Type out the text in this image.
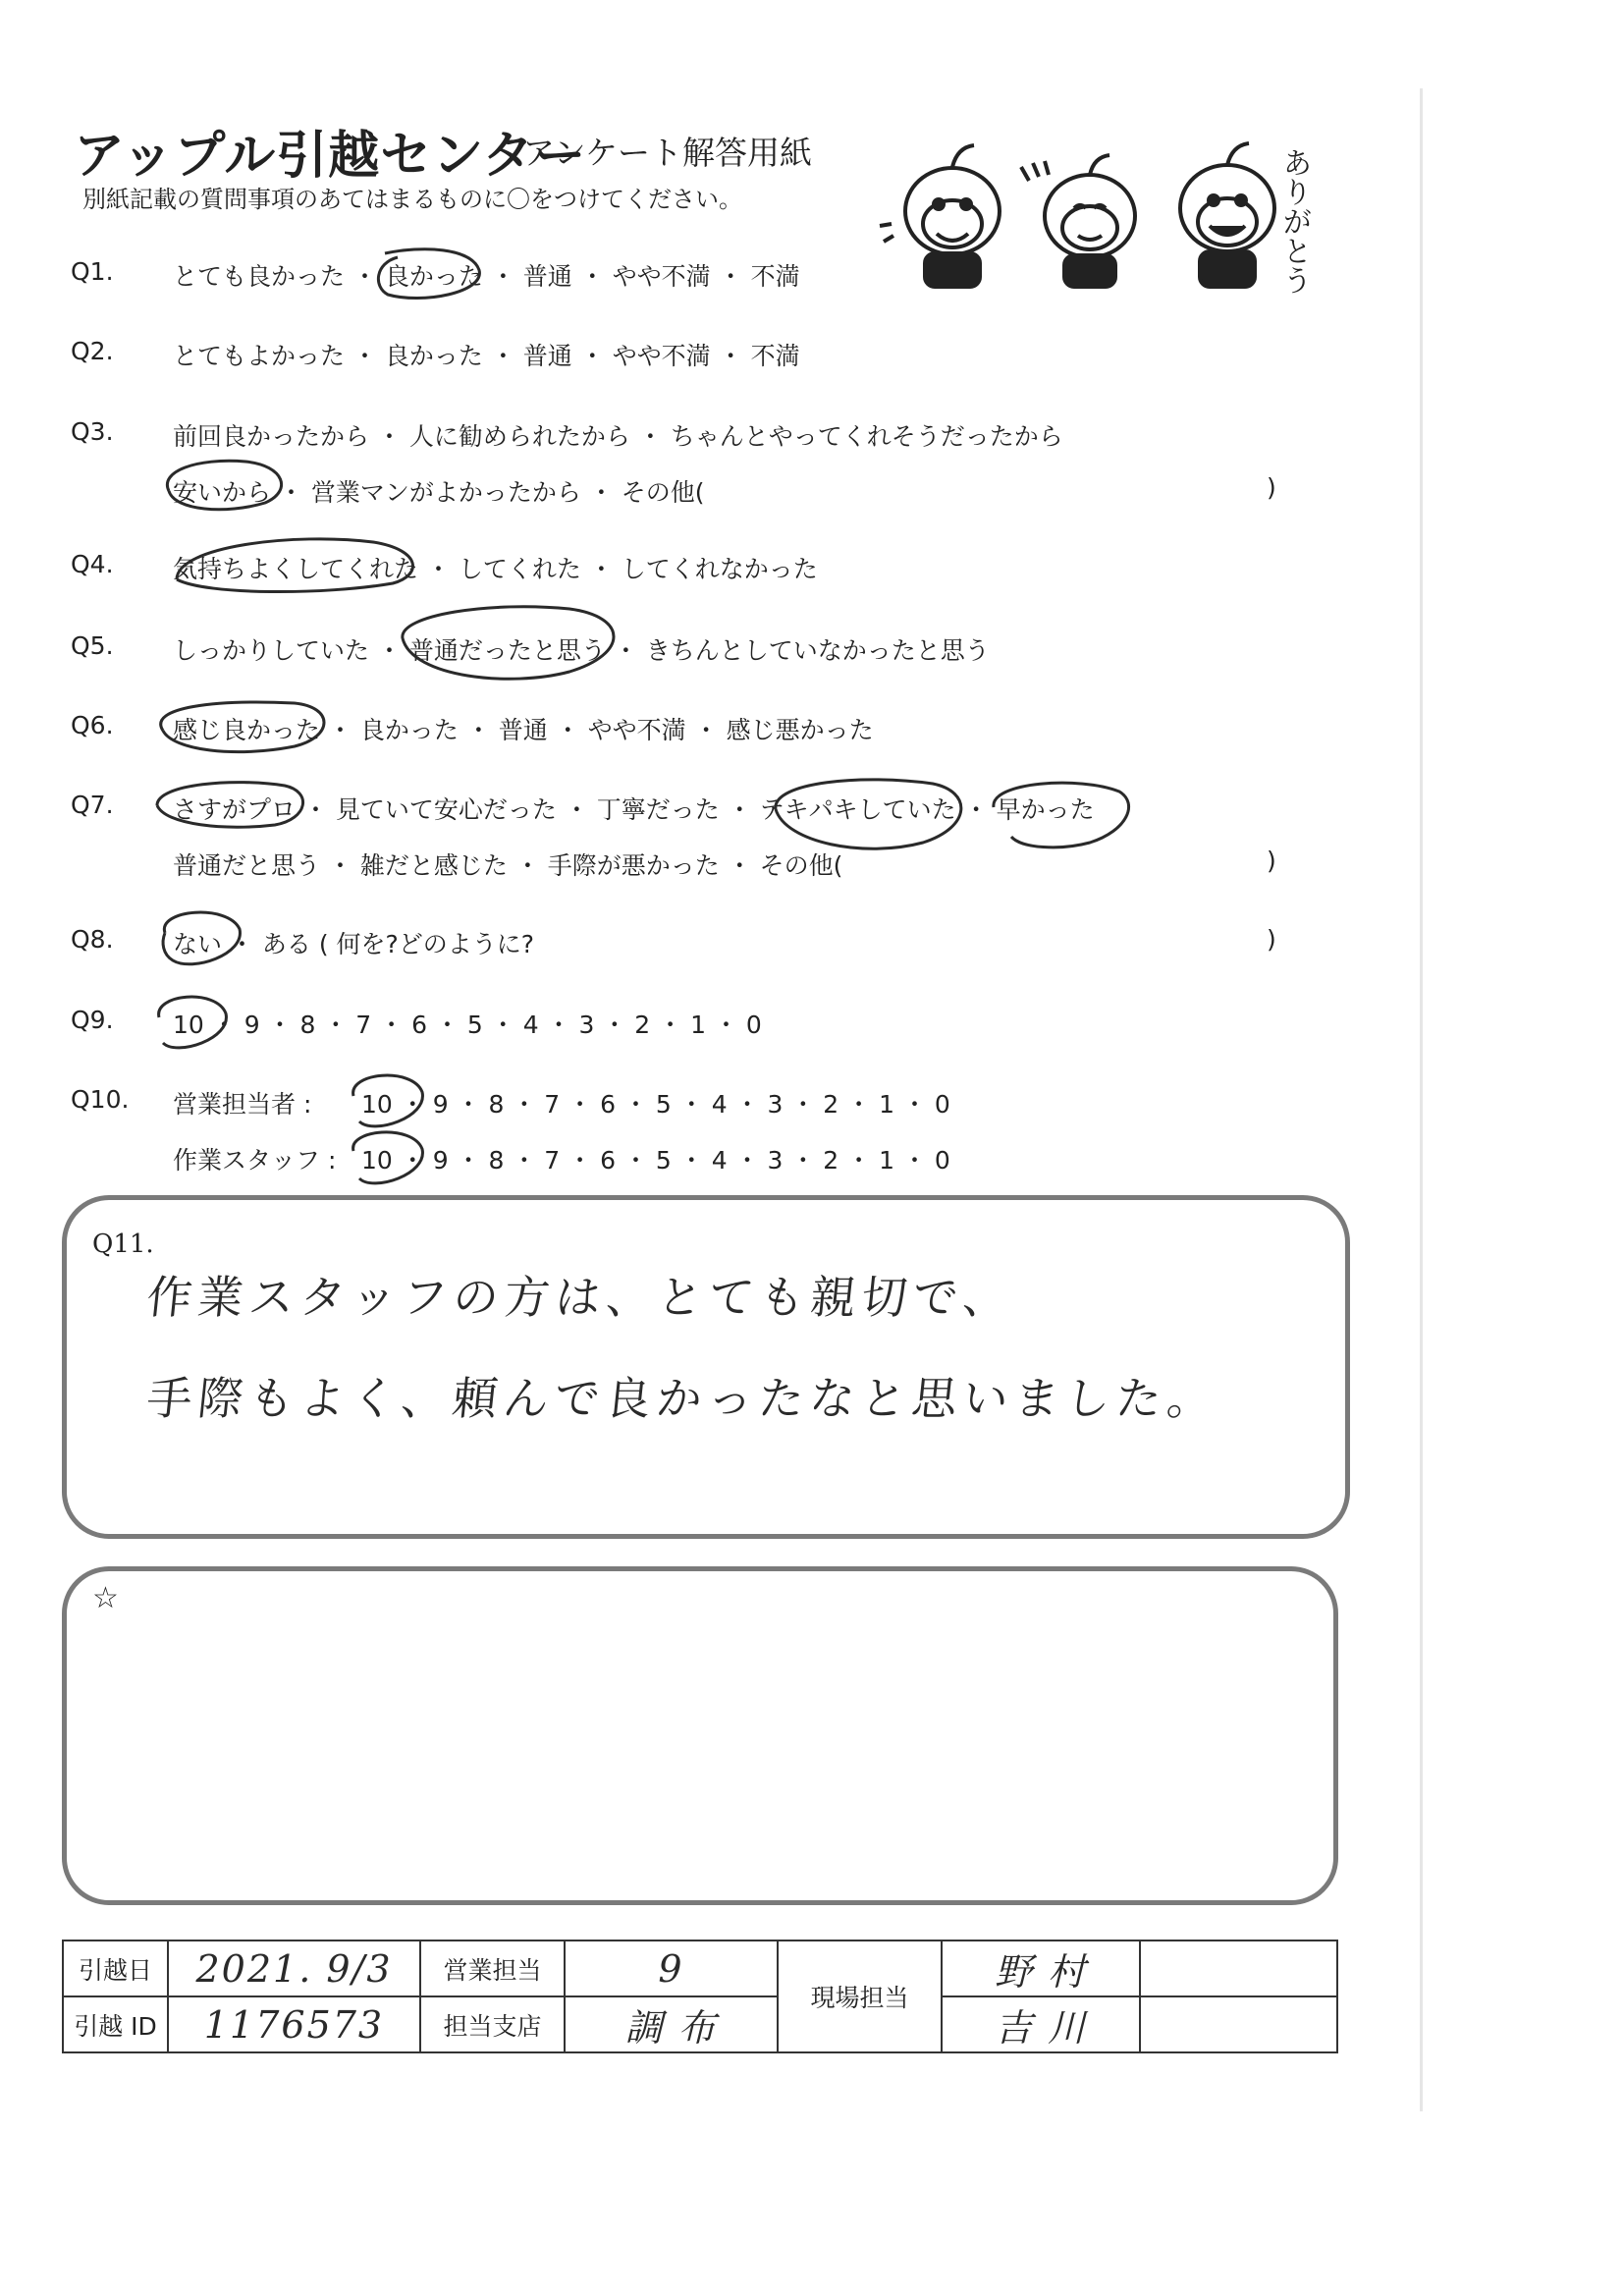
アップル引越センター
アンケート解答用紙
別紙記載の質問事項のあてはまるものに〇をつけてください。	ありがとう
Q1. とても良かった ・ 良かった ・ 普通 ・ やや不満 ・ 不満
Q2. とてもよかった ・ 良かった ・ 普通 ・ やや不満 ・ 不満
Q3. 前回良かったから ・ 人に勧められたから ・ ちゃんとやってくれそうだったから
安いから ・ 営業マンがよかったから ・ その他(	)
Q4. 気持ちよくしてくれた ・ してくれた ・ してくれなかった
Q5. しっかりしていた ・ 普通だったと思う ・ きちんとしていなかったと思う
Q6. 感じ良かった ・ 良かった ・ 普通 ・ やや不満 ・ 感じ悪かった
Q7. さすがプロ ・ 見ていて安心だった ・ 丁寧だった ・ テキパキしていた ・ 早かった
普通だと思う ・ 雑だと感じた ・ 手際が悪かった ・ その他(	)
Q8. ない ・ ある ( 何を?どのように?	)
Q9. 10 ・ 9 ・ 8 ・ 7 ・ 6 ・ 5 ・ 4 ・ 3 ・ 2 ・ 1 ・ 0
Q10. 営業担当者 : 10 ・ 9 ・ 8 ・ 7 ・ 6 ・ 5 ・ 4 ・ 3 ・ 2 ・ 1 ・ 0
作業スタッフ : 10 ・ 9 ・ 8 ・ 7 ・ 6 ・ 5 ・ 4 ・ 3 ・ 2 ・ 1 ・ 0
Q11.
作業スタッフの方は、とても親切で、
手際もよく、頼んで良かったなと思いました。
☆
引越日	2021. 9/3	営業担当	9	現場担当	野 村	
引越 ID	1176573	担当支店	調 布		吉 川	
